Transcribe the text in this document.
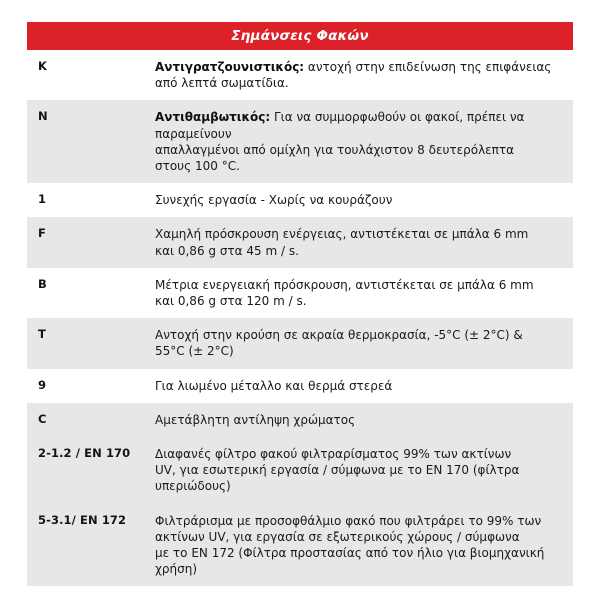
Σημάνσεις Φακών
K	Αντιγρατζουνιστικός: αντοχή στην επιδείνωση της επιφάνειας
από λεπτά σωματίδια.
N	Αντιθαμβωτικός: Για να συμμορφωθούν οι φακοί, πρέπει να
παραμείνουν
απαλλαγμένοι από ομίχλη για τουλάχιστον 8 δευτερόλεπτα
στους 100 °C.
1	Συνεχής εργασία - Χωρίς να κουράζουν
F	Χαμηλή πρόσκρουση ενέργειας, αντιστέκεται σε μπάλα 6 mm
και 0,86 g στα 45 m / s.
B	Μέτρια ενεργειακή πρόσκρουση, αντιστέκεται σε μπάλα 6 mm
και 0,86 g στα 120 m / s.
T	Αντοχή στην κρούση σε ακραία θερμοκρασία, -5°C (± 2°C) &
55°C (± 2°C)
9	Για λιωμένο μέταλλο και θερμά στερεά
C	Αμετάβλητη αντίληψη χρώματος
2-1.2 / EN 170	Διαφανές φίλτρο φακού φιλτραρίσματος 99% των ακτίνων
UV, για εσωτερική εργασία / σύμφωνα με το EN 170 (φίλτρα
υπεριώδους)
5-3.1/ EN 172	Φιλτράρισμα με προσοφθάλμιο φακό που φιλτράρει το 99% των
ακτίνων UV, για εργασία σε εξωτερικούς χώρους / σύμφωνα
με το EN 172 (Φίλτρα προστασίας από τον ήλιο για βιομηχανική
χρήση)
